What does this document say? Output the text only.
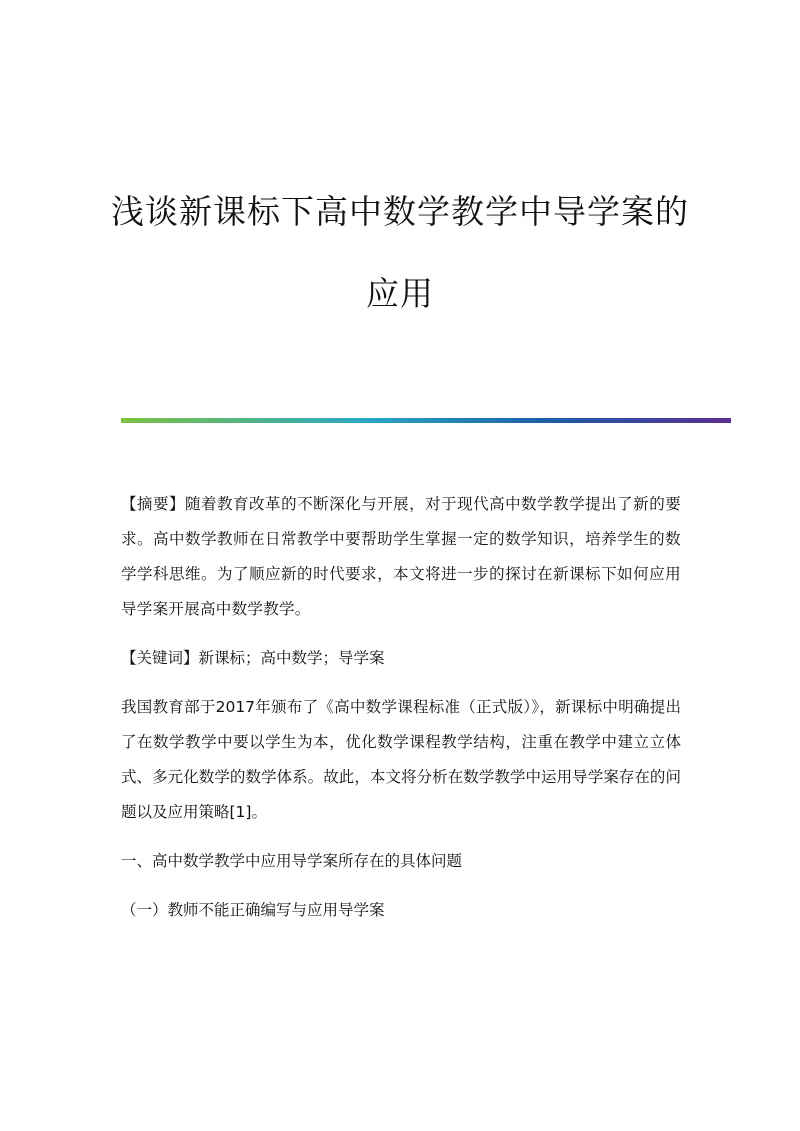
浅谈新课标下高中数学教学中导学案的
应用

【摘要】随着教育改革的不断深化与开展，对于现代高中数学教学提出了新的要求。高中数学教师在日常教学中要帮助学生掌握一定的数学知识，培养学生的数学学科思维。为了顺应新的时代要求，本文将进一步的探讨在新课标下如何应用导学案开展高中数学教学。

【关键词】新课标；高中数学；导学案

我国教育部于2017年颁布了《高中数学课程标准（正式版）》，新课标中明确提出了在数学教学中要以学生为本，优化数学课程教学结构，注重在教学中建立立体式、多元化数学的数学体系。故此，本文将分析在数学教学中运用导学案存在的问题以及应用策略[1]。

一、高中数学教学中应用导学案所存在的具体问题

（一）教师不能正确编写与应用导学案
